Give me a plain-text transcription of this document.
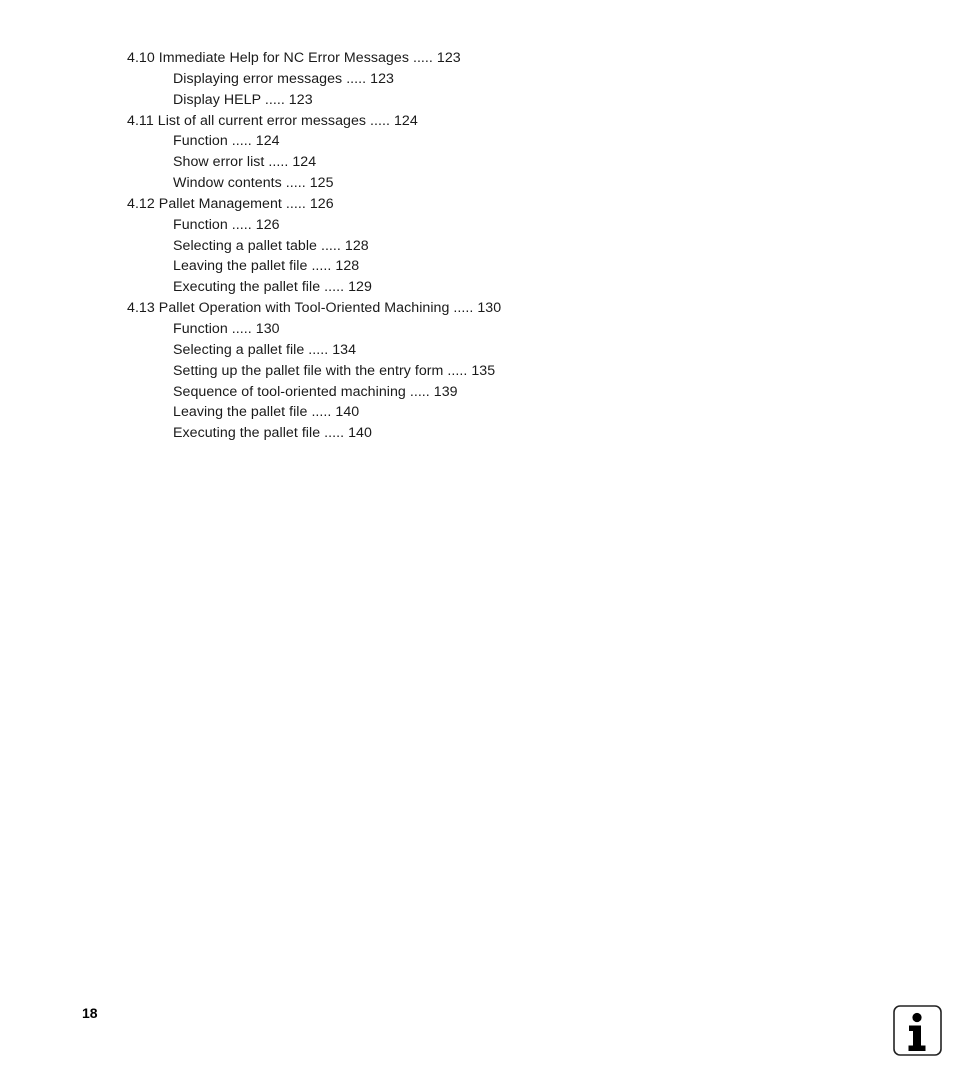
4.10 Immediate Help for NC Error Messages ..... 123
Displaying error messages ..... 123
Display HELP ..... 123
4.11 List of all current error messages ..... 124
Function ..... 124
Show error list ..... 124
Window contents ..... 125
4.12 Pallet Management ..... 126
Function ..... 126
Selecting a pallet table ..... 128
Leaving the pallet file ..... 128
Executing the pallet file ..... 129
4.13 Pallet Operation with Tool-Oriented Machining ..... 130
Function ..... 130
Selecting a pallet file ..... 134
Setting up the pallet file with the entry form ..... 135
Sequence of tool-oriented machining ..... 139
Leaving the pallet file ..... 140
Executing the pallet file ..... 140
18
